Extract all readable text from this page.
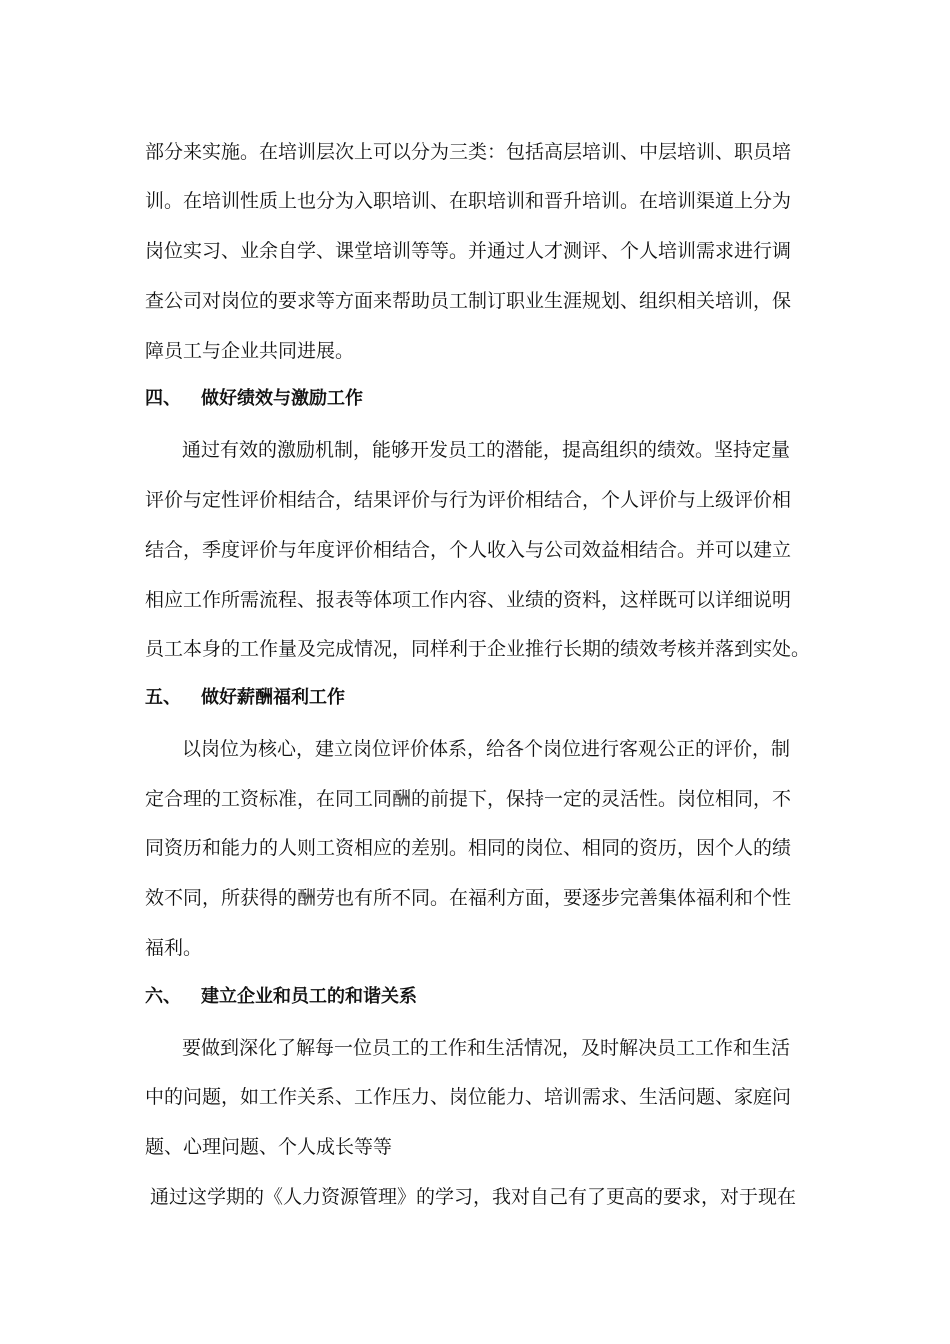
部分来实施。在培训层次上可以分为三类：包括高层培训、中层培训、职员培
训。在培训性质上也分为入职培训、在职培训和晋升培训。在培训渠道上分为
岗位实习、业余自学、课堂培训等等。并通过人才测评、个人培训需求进行调
查公司对岗位的要求等方面来帮助员工制订职业生涯规划、组织相关培训，保
障员工与企业共同进展。
四、 做好绩效与激励工作
通过有效的激励机制，能够开发员工的潜能，提高组织的绩效。坚持定量
评价与定性评价相结合，结果评价与行为评价相结合，个人评价与上级评价相
结合，季度评价与年度评价相结合，个人收入与公司效益相结合。并可以建立
相应工作所需流程、报表等体项工作内容、业绩的资料，这样既可以详细说明
员工本身的工作量及完成情况，同样利于企业推行长期的绩效考核并落到实处。
五、 做好薪酬福利工作
以岗位为核心，建立岗位评价体系，给各个岗位进行客观公正的评价，制
定合理的工资标准，在同工同酬的前提下，保持一定的灵活性。岗位相同，不
同资历和能力的人则工资相应的差别。相同的岗位、相同的资历，因个人的绩
效不同，所获得的酬劳也有所不同。在福利方面，要逐步完善集体福利和个性
福利。
六、 建立企业和员工的和谐关系
要做到深化了解每一位员工的工作和生活情况，及时解决员工工作和生活
中的问题，如工作关系、工作压力、岗位能力、培训需求、生活问题、家庭问
题、心理问题、个人成长等等
通过这学期的《人力资源管理》的学习，我对自己有了更高的要求，对于现在
